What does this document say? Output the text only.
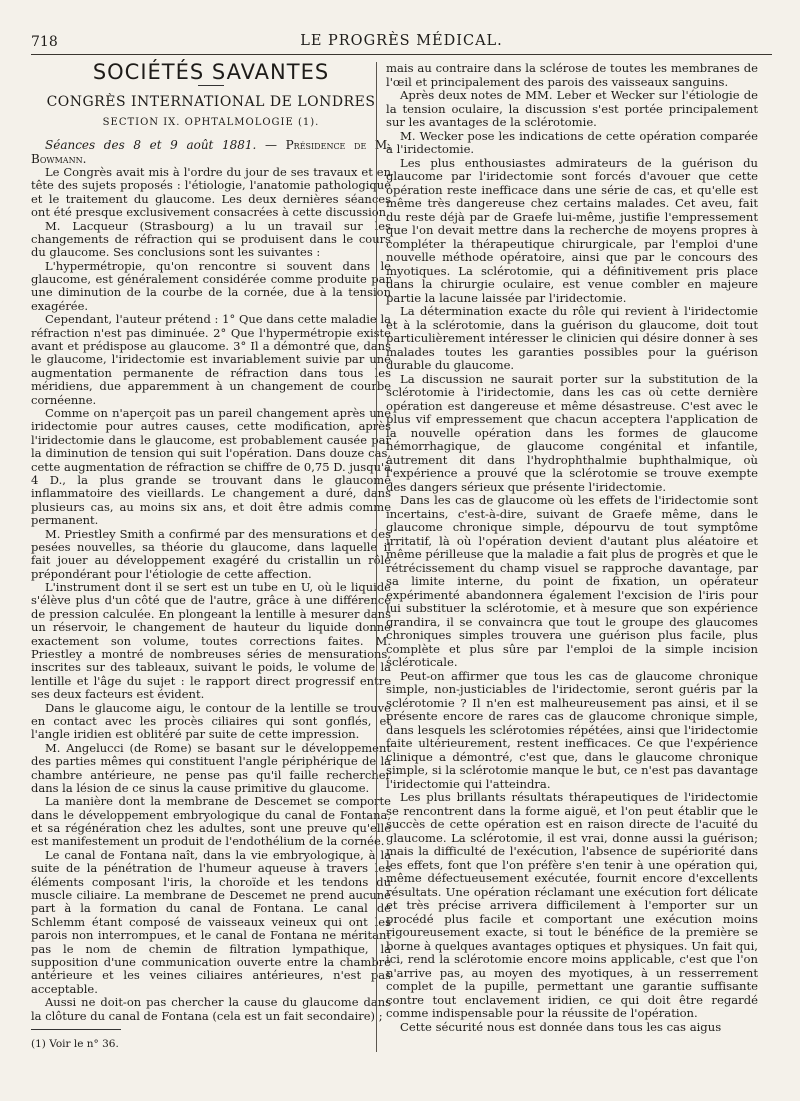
718	LE PROGRÈS MÉDICAL.
SOCIÉTÉS SAVANTES
CONGRÈS INTERNATIONAL DE LONDRES
SECTION IX. OPHTALMOLOGIE (1).

Séances des 8 et 9 août 1881. — Présidence de M. Bowmann.

Le Congrès avait mis à l'ordre du jour de ses travaux et en tête des sujets proposés : l'étiologie, l'anatomie pathologique et le traitement du glaucome. Les deux dernières séances ont été presque exclusivement consacrées à cette discussion.

M. Lacqueur (Strasbourg) a lu un travail sur les changements de réfraction qui se produisent dans le cours du glaucome. Ses conclusions sont les suivantes :

L'hypermétropie, qu'on rencontre si souvent dans le glaucome, est généralement considérée comme produite par une diminution de la courbe de la cornée, due à la tension exagérée.

Cependant, l'auteur prétend : 1° Que dans cette maladie la réfraction n'est pas diminuée. 2° Que l'hypermétropie existe avant et prédispose au glaucome. 3° Il a démontré que, dans le glaucome, l'iridectomie est invariablement suivie par une augmentation permanente de réfraction dans tous les méridiens, due apparemment à un changement de courbe cornéenne.

Comme on n'aperçoit pas un pareil changement après une iridectomie pour autres causes, cette modification, après l'iridectomie dans le glaucome, est probablement causée par la diminution de tension qui suit l'opération. Dans douze cas, cette augmentation de réfraction se chiffre de 0,75 D. jusqu'à 4 D., la plus grande se trouvant dans le glaucome inflammatoire des vieillards. Le changement a duré, dans plusieurs cas, au moins six ans, et doit être admis comme permanent.

M. Priestley Smith a confirmé par des mensurations et des pesées nouvelles, sa théorie du glaucome, dans laquelle il fait jouer au développement exagéré du cristallin un rôle prépondérant pour l'étiologie de cette affection.

L'instrument dont il se sert est un tube en U, où le liquide s'élève plus d'un côté que de l'autre, grâce à une différence de pression calculée. En plongeant la lentille à mesurer dans un réservoir, le changement de hauteur du liquide donne exactement son volume, toutes corrections faites. M. Priestley a montré de nombreuses séries de mensurations, inscrites sur des tableaux, suivant le poids, le volume de la lentille et l'âge du sujet : le rapport direct progressif entre ses deux facteurs est évident.

Dans le glaucome aigu, le contour de la lentille se trouve en contact avec les procès ciliaires qui sont gonflés, et l'angle iridien est oblitéré par suite de cette impression.

M. Angelucci (de Rome) se basant sur le développement des parties mêmes qui constituent l'angle périphérique de la chambre antérieure, ne pense pas qu'il faille rechercher dans la lésion de ce sinus la cause primitive du glaucome.

La manière dont la membrane de Descemet se comporte dans le développement embryologique du canal de Fontana, et sa régénération chez les adultes, sont une preuve qu'elle est manifestement un produit de l'endothélium de la cornée.

Le canal de Fontana naît, dans la vie embryologique, à la suite de la pénétration de l'humeur aqueuse à travers les éléments composant l'iris, la choroïde et les tendons du muscle ciliaire. La membrane de Descemet ne prend aucune part à la formation du canal de Fontana. Le canal de Schlemm étant composé de vaisseaux veineux qui ont les parois non interrompues, et le canal de Fontana ne méritant pas le nom de chemin de filtration lympathique, la supposition d'une communication ouverte entre la chambre antérieure et les veines ciliaires antérieures, n'est pas acceptable.

Aussi ne doit-on pas chercher la cause du glaucome dans la clôture du canal de Fontana (cela est un fait secondaire) ;

(1) Voir le n° 36.

mais au contraire dans la sclérose de toutes les membranes de l'œil et principalement des parois des vaisseaux sanguins.

Après deux notes de MM. Leber et Wecker sur l'étiologie de la tension oculaire, la discussion s'est portée principalement sur les avantages de la sclérotomie.

M. Wecker pose les indications de cette opération comparée à l'iridectomie.

Les plus enthousiastes admirateurs de la guérison du glaucome par l'iridectomie sont forcés d'avouer que cette opération reste inefficace dans une série de cas, et qu'elle est même très dangereuse chez certains malades. Cet aveu, fait du reste déjà par de Graefe lui-même, justifie l'empressement que l'on devait mettre dans la recherche de moyens propres à compléter la thérapeutique chirurgicale, par l'emploi d'une nouvelle méthode opératoire, ainsi que par le concours des myotiques. La sclérotomie, qui a définitivement pris place dans la chirurgie oculaire, est venue combler en majeure partie la lacune laissée par l'iridectomie.

La détermination exacte du rôle qui revient à l'iridectomie et à la sclérotomie, dans la guérison du glaucome, doit tout particulièrement intéresser le clinicien qui désire donner à ses malades toutes les garanties possibles pour la guérison durable du glaucome.

La discussion ne saurait porter sur la substitution de la sclérotomie à l'iridectomie, dans les cas où cette dernière opération est dangereuse et même désastreuse. C'est avec le plus vif empressement que chacun acceptera l'application de la nouvelle opération dans les formes de glaucome hémorrhagique, de glaucome congénital et infantile, autrement dit dans l'hydrophthalmie buphthalmique, où l'expérience a prouvé que la sclérotomie se trouve exempte des dangers sérieux que présente l'iridectomie.

Dans les cas de glaucome où les effets de l'iridectomie sont incertains, c'est-à-dire, suivant de Graefe même, dans le glaucome chronique simple, dépourvu de tout symptôme irritatif, là où l'opération devient d'autant plus aléatoire et même périlleuse que la maladie a fait plus de progrès et que le rétrécissement du champ visuel se rapproche davantage, par sa limite interne, du point de fixation, un opérateur expérimenté abandonnera également l'excision de l'iris pour lui substituer la sclérotomie, et à mesure que son expérience grandira, il se convaincra que tout le groupe des glaucomes chroniques simples trouvera une guérison plus facile, plus complète et plus sûre par l'emploi de la simple incision scléroticale.

Peut-on affirmer que tous les cas de glaucome chronique simple, non-justiciables de l'iridectomie, seront guéris par la sclérotomie ? Il n'en est malheureusement pas ainsi, et il se présente encore de rares cas de glaucome chronique simple, dans lesquels les sclérotomies répétées, ainsi que l'iridectomie faite ultérieurement, restent inefficaces. Ce que l'expérience clinique a démontré, c'est que, dans le glaucome chronique simple, si la sclérotomie manque le but, ce n'est pas davantage l'iridectomie qui l'atteindra.

Les plus brillants résultats thérapeutiques de l'iridectomie se rencontrent dans la forme aiguë, et l'on peut établir que le succès de cette opération est en raison directe de l'acuité du glaucome. La sclérotomie, il est vrai, donne aussi la guérison; mais la difficulté de l'exécution, l'absence de supériorité dans les effets, font que l'on préfère s'en tenir à une opération qui, même défectueusement exécutée, fournit encore d'excellents résultats. Une opération réclamant une exécution fort délicate et très précise arrivera difficilement à l'emporter sur un procédé plus facile et comportant une exécution moins rigoureusement exacte, si tout le bénéfice de la première se borne à quelques avantages optiques et physiques. Un fait qui, ici, rend la sclérotomie encore moins applicable, c'est que l'on n'arrive pas, au moyen des myotiques, à un resserrement complet de la pupille, permettant une garantie suffisante contre tout enclavement iridien, ce qui doit être regardé comme indispensable pour la réussite de l'opération.

Cette sécurité nous est donnée dans tous les cas aigus
